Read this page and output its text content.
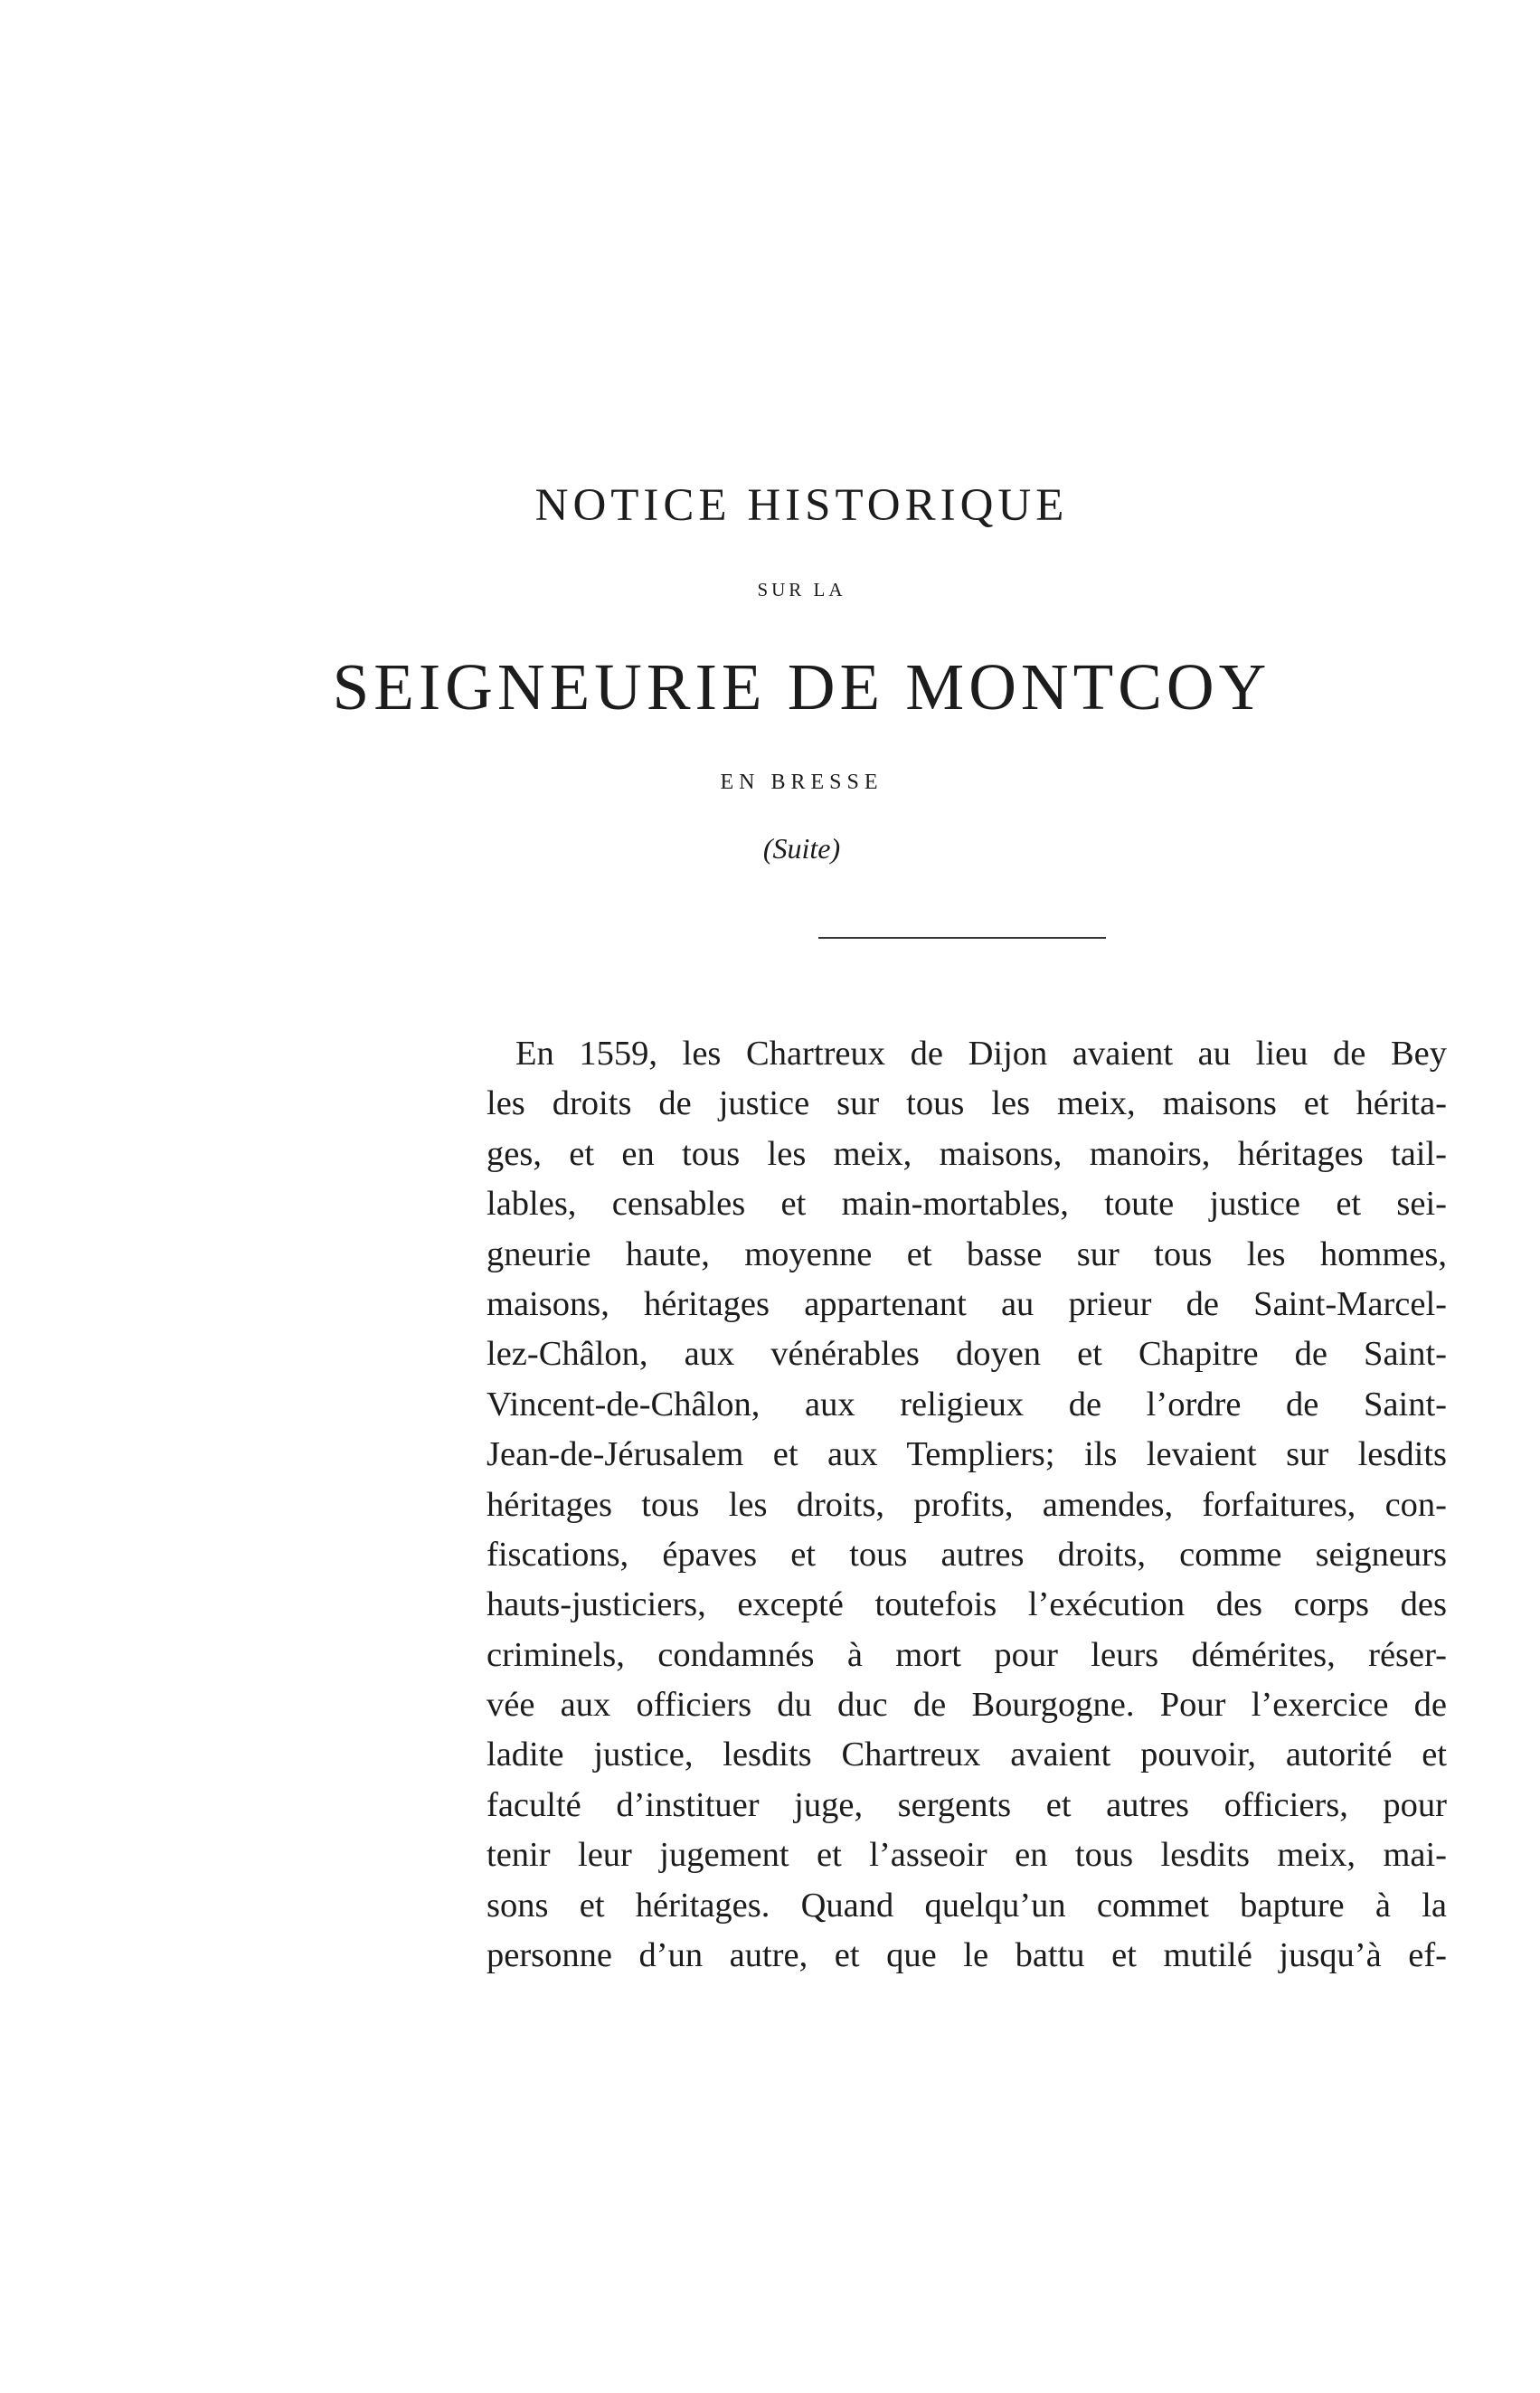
NOTICE HISTORIQUE
SUR LA
SEIGNEURIE DE MONTCOY
EN BRESSE
(Suite)
En 1559, les Chartreux de Dijon avaient au lieu de Bey
les droits de justice sur tous les meix, maisons et hérita-
ges, et en tous les meix, maisons, manoirs, héritages tail-
lables, censables et main-mortables, toute justice et sei-
gneurie haute, moyenne et basse sur tous les hommes,
maisons, héritages appartenant au prieur de Saint-Marcel-
lez-Châlon, aux vénérables doyen et Chapitre de Saint-
Vincent-de-Châlon, aux religieux de l’ordre de Saint-
Jean-de-Jérusalem et aux Templiers; ils levaient sur lesdits
héritages tous les droits, profits, amendes, forfaitures, con-
fiscations, épaves et tous autres droits, comme seigneurs
hauts-justiciers, excepté toutefois l’exécution des corps des
criminels, condamnés à mort pour leurs démérites, réser-
vée aux officiers du duc de Bourgogne. Pour l’exercice de
ladite justice, lesdits Chartreux avaient pouvoir, autorité et
faculté d’instituer juge, sergents et autres officiers, pour
tenir leur jugement et l’asseoir en tous lesdits meix, mai-
sons et héritages. Quand quelqu’un commet bapture à la
personne d’un autre, et que le battu et mutilé jusqu’à ef-
